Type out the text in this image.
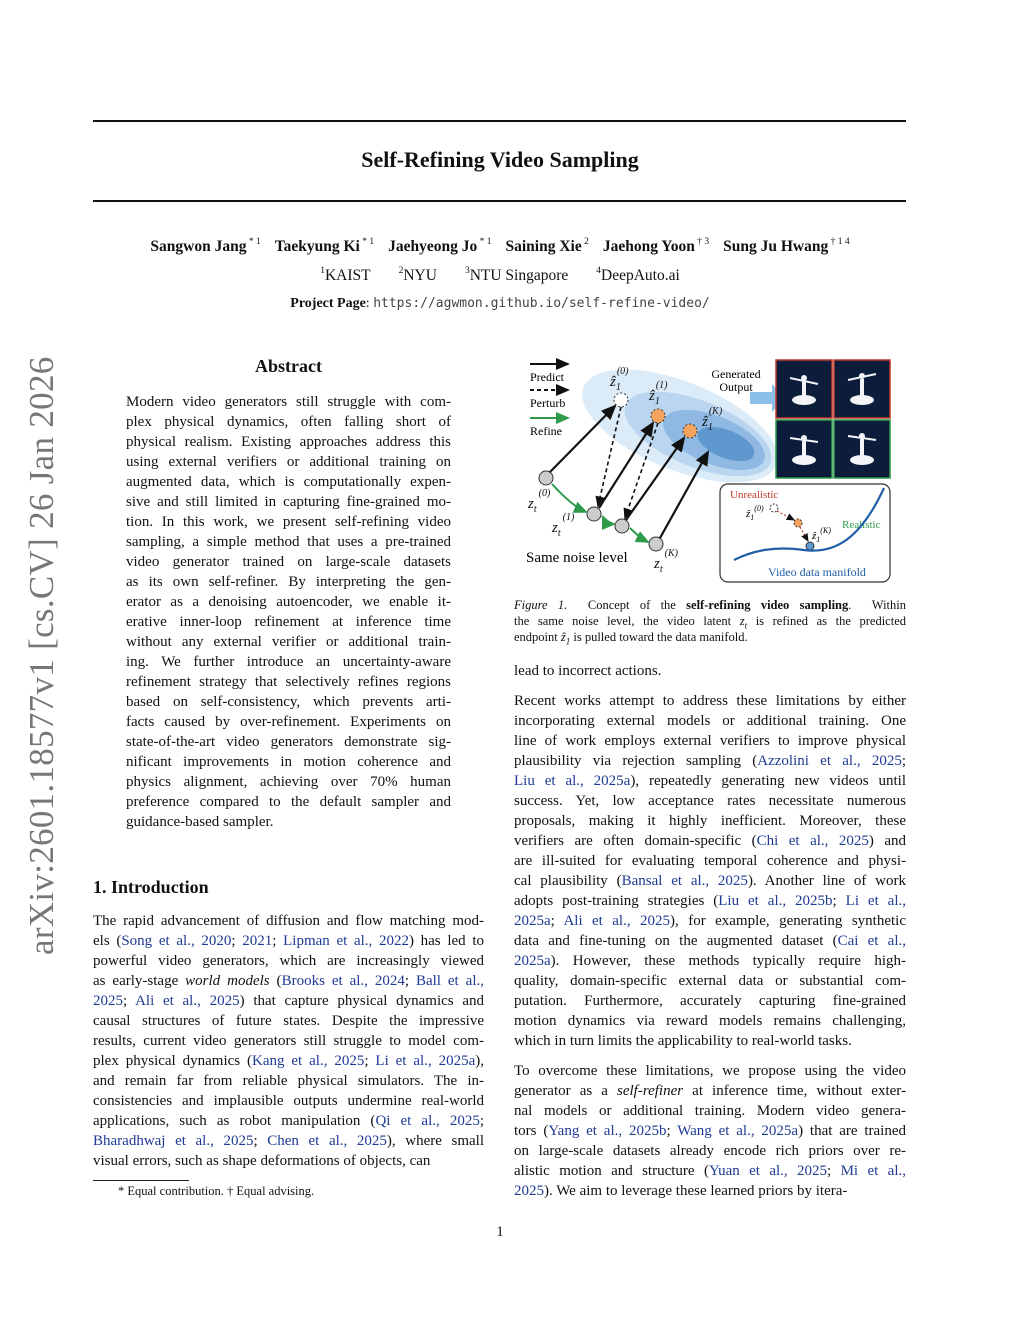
Self-Refining Video Sampling
Sangwon Jang $^{* 1}$ Taekyung Ki $^{* 1}$ Jaehyeong Jo $^{* 1}$ Saining Xie $^2$ Jaehong Yoon $^{\dagger 3}$ Sung Ju Hwang $^{\dagger 1 4}$
$^1$KAIST	$^2$NYU	$^3$NTU Singapore	$^4$DeepAuto.ai
Project Page: https://agwmon.github.io/self-refine-video/
arXiv:2601.18577v1 [cs.CV] 26 Jan 2026	Abstract
Modern video generators still struggle with com-
plex physical dynamics, often falling short of
physical realism. Existing approaches address this
using external verifiers or additional training on
augmented data, which is computationally expen-
sive and still limited in capturing fine-grained mo-
tion. In this work, we present self-refining video
sampling, a simple method that uses a pre-trained
video generator trained on large-scale datasets
as its own self-refiner. By interpreting the gen-
erator as a denoising autoencoder, we enable it-
erative inner-loop refinement at inference time
without any external verifier or additional train-
ing. We further introduce an uncertainty-aware
refinement strategy that selectively refines regions
based on self-consistency, which prevents arti-
facts caused by over-refinement. Experiments on
state-of-the-art video generators demonstrate sig-
nificant improvements in motion coherence and
physics alignment, achieving over 70% human
preference compared to the default sampler and
guidance-based sampler.
1. Introduction
The rapid advancement of diffusion and flow matching mod-
els (Song et al., 2020; 2021; Lipman et al., 2022) has led to
powerful video generators, which are increasingly viewed
as early-stage world models (Brooks et al., 2024; Ball et al.,
2025; Ali et al., 2025) that capture physical dynamics and
causal structures of future states. Despite the impressive
results, current video generators still struggle to model com-
plex physical dynamics (Kang et al., 2025; Li et al., 2025a),
and remain far from reliable physical simulators. The in-
consistencies and implausible outputs undermine real-world
applications, such as robot manipulation (Qi et al., 2025;
Bharadhwaj et al., 2025; Chen et al., 2025), where small
visual errors, such as shape deformations of objects, can
* Equal contribution. † Equal advising.
1
Predict
Perturb
Refine
ẑ$_1$(0)
ẑ$_1$(1)
ẑ$_1$(K)
$z_t^{(0)}$
$z_t^{(1)}$
$z_t^{(K)}$
Same noise level
Generated Output
Unrealistic
ẑ$_1^{(0)}$
ẑ$_1^{(K)}$ Realistic
Video data manifold
Figure 1.  Concept of the self-refining video sampling.  Within
the same noise level, the video latent $z_t$ is refined as the predicted
endpoint ẑ$_1$ is pulled toward the data manifold.
lead to incorrect actions.
Recent works attempt to address these limitations by either
incorporating external models or additional training. One
line of work employs external verifiers to improve physical
plausibility via rejection sampling (Azzolini et al., 2025;
Liu et al., 2025a), repeatedly generating new videos until
success. Yet, low acceptance rates necessitate numerous
proposals, making it highly inefficient. Moreover, these
verifiers are often domain-specific (Chi et al., 2025) and
are ill-suited for evaluating temporal coherence and physi-
cal plausibility (Bansal et al., 2025). Another line of work
adopts post-training strategies (Liu et al., 2025b; Li et al.,
2025a; Ali et al., 2025), for example, generating synthetic
data and fine-tuning on the augmented dataset (Cai et al.,
2025a). However, these methods typically require high-
quality, domain-specific external data or substantial com-
putation. Furthermore, accurately capturing fine-grained
motion dynamics via reward models remains challenging,
which in turn limits the applicability to real-world tasks.
To overcome these limitations, we propose using the video
generator as a self-refiner at inference time, without exter-
nal models or additional training. Modern video genera-
tors (Yang et al., 2025b; Wang et al., 2025a) that are trained
on large-scale datasets already encode rich priors over re-
alistic motion and structure (Yuan et al., 2025; Mi et al.,
2025). We aim to leverage these learned priors by itera-
